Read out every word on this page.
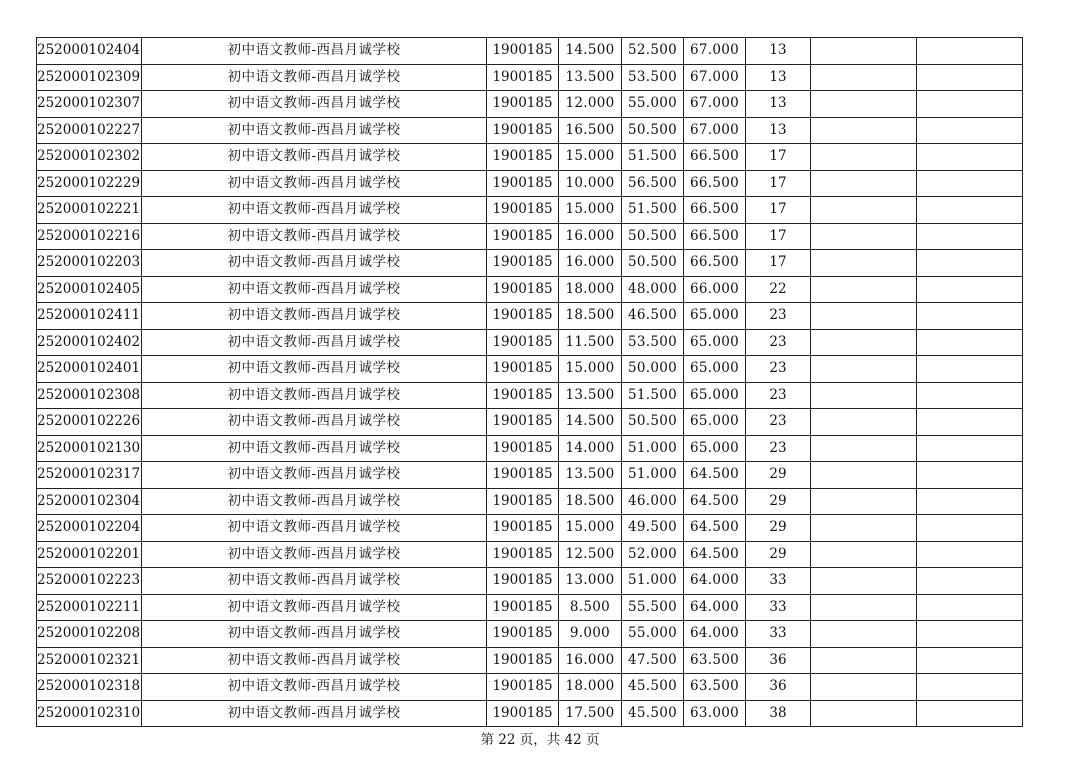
252000102404	初中语文教师-西昌月诚学校	1900185	14.500	52.500	67.000	13		
252000102309	初中语文教师-西昌月诚学校	1900185	13.500	53.500	67.000	13		
252000102307	初中语文教师-西昌月诚学校	1900185	12.000	55.000	67.000	13		
252000102227	初中语文教师-西昌月诚学校	1900185	16.500	50.500	67.000	13		
252000102302	初中语文教师-西昌月诚学校	1900185	15.000	51.500	66.500	17		
252000102229	初中语文教师-西昌月诚学校	1900185	10.000	56.500	66.500	17		
252000102221	初中语文教师-西昌月诚学校	1900185	15.000	51.500	66.500	17		
252000102216	初中语文教师-西昌月诚学校	1900185	16.000	50.500	66.500	17		
252000102203	初中语文教师-西昌月诚学校	1900185	16.000	50.500	66.500	17		
252000102405	初中语文教师-西昌月诚学校	1900185	18.000	48.000	66.000	22		
252000102411	初中语文教师-西昌月诚学校	1900185	18.500	46.500	65.000	23		
252000102402	初中语文教师-西昌月诚学校	1900185	11.500	53.500	65.000	23		
252000102401	初中语文教师-西昌月诚学校	1900185	15.000	50.000	65.000	23		
252000102308	初中语文教师-西昌月诚学校	1900185	13.500	51.500	65.000	23		
252000102226	初中语文教师-西昌月诚学校	1900185	14.500	50.500	65.000	23		
252000102130	初中语文教师-西昌月诚学校	1900185	14.000	51.000	65.000	23		
252000102317	初中语文教师-西昌月诚学校	1900185	13.500	51.000	64.500	29		
252000102304	初中语文教师-西昌月诚学校	1900185	18.500	46.000	64.500	29		
252000102204	初中语文教师-西昌月诚学校	1900185	15.000	49.500	64.500	29		
252000102201	初中语文教师-西昌月诚学校	1900185	12.500	52.000	64.500	29		
252000102223	初中语文教师-西昌月诚学校	1900185	13.000	51.000	64.000	33		
252000102211	初中语文教师-西昌月诚学校	1900185	8.500	55.500	64.000	33		
252000102208	初中语文教师-西昌月诚学校	1900185	9.000	55.000	64.000	33		
252000102321	初中语文教师-西昌月诚学校	1900185	16.000	47.500	63.500	36		
252000102318	初中语文教师-西昌月诚学校	1900185	18.000	45.500	63.500	36		
252000102310	初中语文教师-西昌月诚学校	1900185	17.500	45.500	63.000	38		
第 22 页，共 42 页
